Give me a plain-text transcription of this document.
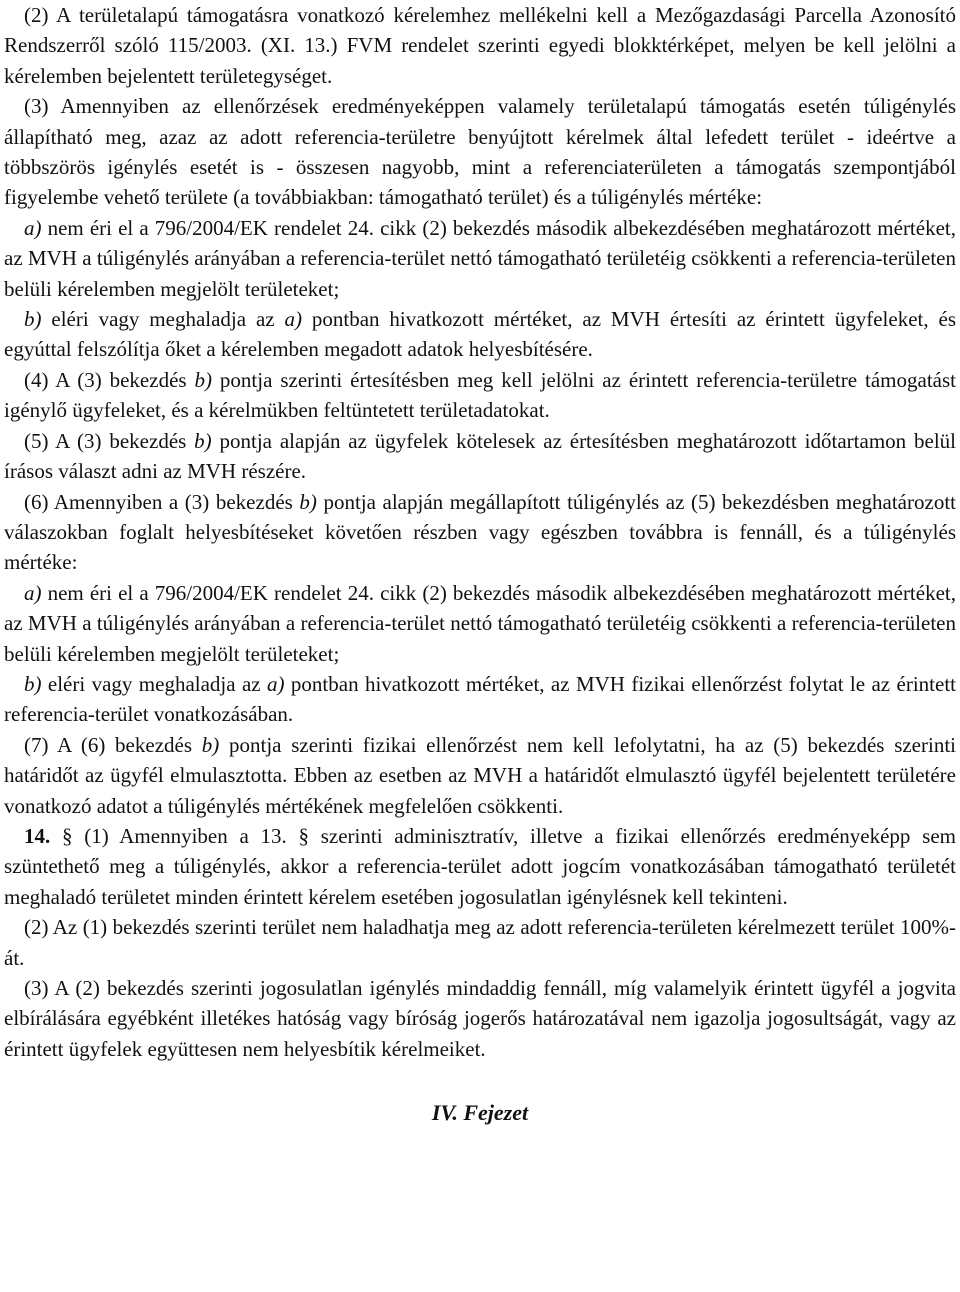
(2) A területalapú támogatásra vonatkozó kérelemhez mellékelni kell a Mezőgazdasági Parcella Azonosító Rendszerről szóló 115/2003. (XI. 13.) FVM rendelet szerinti egyedi blokktérképet, melyen be kell jelölni a kérelemben bejelentett területegységet.

(3) Amennyiben az ellenőrzések eredményeképpen valamely területalapú támogatás esetén túligénylés állapítható meg, azaz az adott referencia-területre benyújtott kérelmek által lefedett terület - ideértve a többszörös igénylés esetét is - összesen nagyobb, mint a referenciaterületen a támogatás szempontjából figyelembe vehető területe (a továbbiakban: támogatható terület) és a túligénylés mértéke:

a) nem éri el a 796/2004/EK rendelet 24. cikk (2) bekezdés második albekezdésében meghatározott mértéket, az MVH a túligénylés arányában a referencia-terület nettó támogatható területéig csökkenti a referencia-területen belüli kérelemben megjelölt területeket;

b) eléri vagy meghaladja az a) pontban hivatkozott mértéket, az MVH értesíti az érintett ügyfeleket, és egyúttal felszólítja őket a kérelemben megadott adatok helyesbítésére.

(4) A (3) bekezdés b) pontja szerinti értesítésben meg kell jelölni az érintett referencia-területre támogatást igénylő ügyfeleket, és a kérelmükben feltüntetett területadatokat.

(5) A (3) bekezdés b) pontja alapján az ügyfelek kötelesek az értesítésben meghatározott időtartamon belül írásos választ adni az MVH részére.

(6) Amennyiben a (3) bekezdés b) pontja alapján megállapított túligénylés az (5) bekezdésben meghatározott válaszokban foglalt helyesbítéseket követően részben vagy egészben továbbra is fennáll, és a túligénylés mértéke:

a) nem éri el a 796/2004/EK rendelet 24. cikk (2) bekezdés második albekezdésében meghatározott mértéket, az MVH a túligénylés arányában a referencia-terület nettó támogatható területéig csökkenti a referencia-területen belüli kérelemben megjelölt területeket;

b) eléri vagy meghaladja az a) pontban hivatkozott mértéket, az MVH fizikai ellenőrzést folytat le az érintett referencia-terület vonatkozásában.

(7) A (6) bekezdés b) pontja szerinti fizikai ellenőrzést nem kell lefolytatni, ha az (5) bekezdés szerinti határidőt az ügyfél elmulasztotta. Ebben az esetben az MVH a határidőt elmulasztó ügyfél bejelentett területére vonatkozó adatot a túligénylés mértékének megfelelően csökkenti.

14. § (1) Amennyiben a 13. § szerinti adminisztratív, illetve a fizikai ellenőrzés eredményeképp sem szüntethető meg a túligénylés, akkor a referencia-terület adott jogcím vonatkozásában támogatható területét meghaladó területet minden érintett kérelem esetében jogosulatlan igénylésnek kell tekinteni.

(2) Az (1) bekezdés szerinti terület nem haladhatja meg az adott referencia-területen kérelmezett terület 100%-át.

(3) A (2) bekezdés szerinti jogosulatlan igénylés mindaddig fennáll, míg valamelyik érintett ügyfél a jogvita elbírálására egyébként illetékes hatóság vagy bíróság jogerős határozatával nem igazolja jogosultságát, vagy az érintett ügyfelek együttesen nem helyesbítik kérelmeiket.

IV. Fejezet
